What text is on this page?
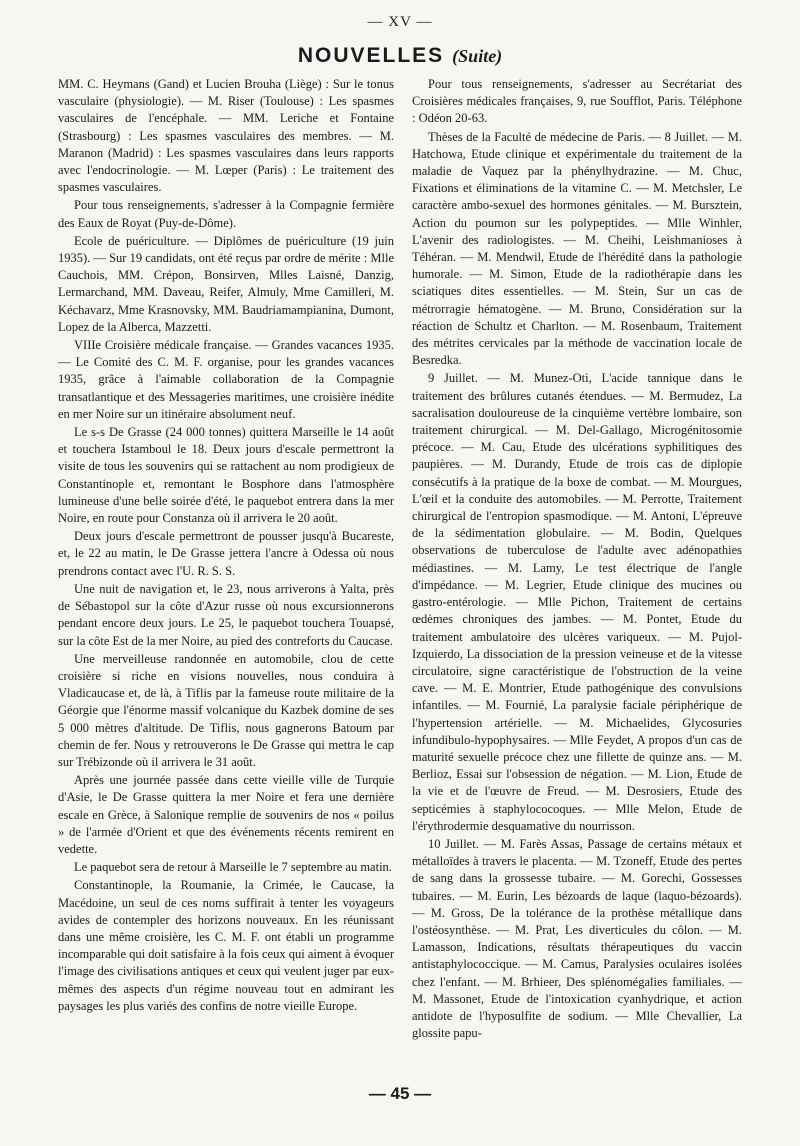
— XV —
NOUVELLES (Suite)

MM. C. Heymans (Gand) et Lucien Brouha (Liège) : Sur le tonus vasculaire (physiologie). — M. Riser (Toulouse) : Les spasmes vasculaires de l'encéphale. — MM. Leriche et Fontaine (Strasbourg) : Les spasmes vasculaires des membres. — M. Maranon (Madrid) : Les spasmes vasculaires dans leurs rapports avec l'endocrinologie. — M. Lœper (Paris) : Le traitement des spasmes vasculaires.

Pour tous renseignements, s'adresser à la Compagnie fermière des Eaux de Royat (Puy-de-Dôme).

Ecole de puériculture. — Diplômes de puériculture (19 juin 1935). — Sur 19 candidats, ont été reçus par ordre de mérite : Mlle Cauchois, MM. Crépon, Bonsirven, Mlles Laisné, Danzig, Lermarchand, MM. Daveau, Reifer, Almuly, Mme Camilleri, M. Kéchavarz, Mme Krasnovsky, MM. Baudriamampianina, Dumont, Lopez de la Alberca, Mazzetti.

VIIIe Croisière médicale française. — Grandes vacances 1935. — Le Comité des C. M. F. organise, pour les grandes vacances 1935, grâce à l'aimable collaboration de la Compagnie transatlantique et des Messageries maritimes, une croisière inédite en mer Noire sur un itinéraire absolument neuf.

Le s-s De Grasse (24 000 tonnes) quittera Marseille le 14 août et touchera Istamboul le 18. Deux jours d'escale permettront la visite de tous les souvenirs qui se rattachent au nom prodigieux de Constantinople et, remontant le Bosphore dans l'atmosphère lumineuse d'une belle soirée d'été, le paquebot entrera dans la mer Noire, en route pour Constanza où il arrivera le 20 août.

Deux jours d'escale permettront de pousser jusqu'à Bucareste, et, le 22 au matin, le De Grasse jettera l'ancre à Odessa où nous prendrons contact avec l'U. R. S. S.

Une nuit de navigation et, le 23, nous arriverons à Yalta, près de Sébastopol sur la côte d'Azur russe où nous excursionnerons pendant encore deux jours. Le 25, le paquebot touchera Touapsé, sur la côte Est de la mer Noire, au pied des contreforts du Caucase.

Une merveilleuse randonnée en automobile, clou de cette croisière si riche en visions nouvelles, nous conduira à Vladicaucase et, de là, à Tiflis par la fameuse route militaire de la Géorgie que l'énorme massif volcanique du Kazbek domine de ses 5 000 mètres d'altitude. De Tiflis, nous gagnerons Batoum par chemin de fer. Nous y retrouverons le De Grasse qui mettra le cap sur Trébizonde où il arrivera le 31 août.

Après une journée passée dans cette vieille ville de Turquie d'Asie, le De Grasse quittera la mer Noire et fera une dernière escale en Grèce, à Salonique remplie de souvenirs de nos « poilus » de l'armée d'Orient et que des événements récents remirent en vedette.

Le paquebot sera de retour à Marseille le 7 septembre au matin.

Constantinople, la Roumanie, la Crimée, le Caucase, la Macédoine, un seul de ces noms suffirait à tenter les voyageurs avides de contempler des horizons nouveaux. En les réunissant dans une même croisière, les C. M. F. ont établi un programme incomparable qui doit satisfaire à la fois ceux qui aiment à évoquer l'image des civilisations antiques et ceux qui veulent juger par eux-mêmes des aspects d'un régime nouveau tout en admirant les paysages les plus variés des confins de notre vieille Europe.

Pour tous renseignements, s'adresser au Secrétariat des Croisières médicales françaises, 9, rue Soufflot, Paris. Téléphone : Odéon 20-63.

Thèses de la Faculté de médecine de Paris. — 8 Juillet. — M. Hatchowa, Etude clinique et expérimentale du traitement de la maladie de Vaquez par la phénylhydrazine. — M. Chuc, Fixations et éliminations de la vitamine C. — M. Metchsler, Le caractère ambo-sexuel des hormones génitales. — M. Bursztein, Action du poumon sur les polypeptides. — Mlle Winhler, L'avenir des radiologistes. — M. Cheihi, Leishmanioses à Téhéran. — M. Mendwil, Etude de l'hérédité dans la pathologie humorale. — M. Simon, Etude de la radiothérapie dans les sciatiques dites essentielles. — M. Stein, Sur un cas de métrorragie hématogène. — M. Bruno, Considération sur la réaction de Schultz et Charlton. — M. Rosenbaum, Traitement des métrites cervicales par la méthode de vaccination locale de Besredka.

9 Juillet. — M. Munez-Oti, L'acide tannique dans le traitement des brûlures cutanés étendues. — M. Bermudez, La sacralisation douloureuse de la cinquième vertèbre lombaire, son traitement chirurgical. — M. Del-Gallago, Microgénitosomie précoce. — M. Cau, Etude des ulcérations syphilitiques des paupières. — M. Durandy, Etude de trois cas de diplopie consécutifs à la pratique de la boxe de combat. — M. Mourgues, L'œil et la conduite des automobiles. — M. Perrotte, Traitement chirurgical de l'entropion spasmodique. — M. Antoni, L'épreuve de la sédimentation globulaire. — M. Bodin, Quelques observations de tuberculose de l'adulte avec adénopathies médiastines. — M. Lamy, Le test électrique de l'angle d'impédance. — M. Legrier, Etude clinique des mucines ou gastro-entérologie. — Mlle Pichon, Traitement de certains œdèmes chroniques des jambes. — M. Pontet, Etude du traitement ambulatoire des ulcères variqueux. — M. Pujol-Izquierdo, La dissociation de la pression veineuse et de la vitesse circulatoire, signe caractéristique de l'obstruction de la veine cave. — M. E. Montrier, Etude pathogénique des convulsions infantiles. — M. Fournié, La paralysie faciale périphérique de l'hypertension artérielle. — M. Michaelides, Glycosuries infundibulo-hypophysaires. — Mlle Feydet, A propos d'un cas de maturité sexuelle précoce chez une fillette de quinze ans. — M. Berlioz, Essai sur l'obsession de négation. — M. Lion, Etude de la vie et de l'œuvre de Freud. — M. Desrosiers, Etude des septicémies à staphylococoques. — Mlle Melon, Etude de l'érythrodermie desquamative du nourrisson.

10 Juillet. — M. Farès Assas, Passage de certains métaux et métalloïdes à travers le placenta. — M. Tzoneff, Etude des pertes de sang dans la grossesse tubaire. — M. Gorechi, Gossesses tubaires. — M. Eurin, Les bézoards de laque (laquo-bézoards). — M. Gross, De la tolérance de la prothèse métallique dans l'ostéosynthèse. — M. Prat, Les diverticules du côlon. — M. Lamasson, Indications, résultats thérapeutiques du vaccin antistaphylococcique. — M. Camus, Paralysies oculaires isolées chez l'enfant. — M. Brhieer, Des splénomégalies familiales. — M. Massonet, Etude de l'intoxication cyanhydrique, et action antidote de l'hyposulfite de sodium. — Mlle Chevallier, La glossite papu-

— 45 —
